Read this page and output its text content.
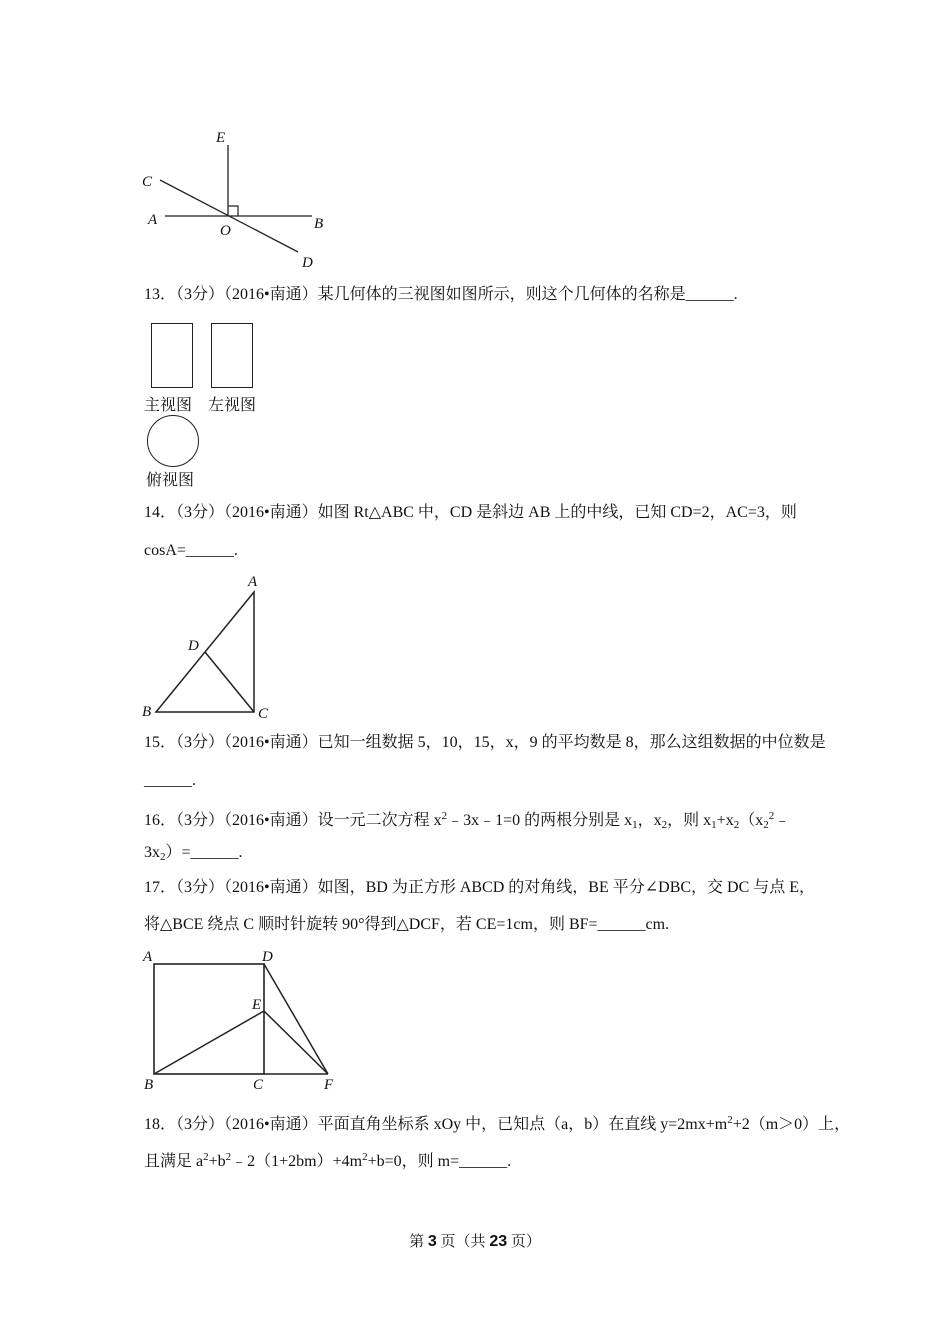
E
C
A
O	B
D
13．（3分）（2016•南通）某几何体的三视图如图所示，则这个几何体的名称是______.
主视图 左视图
俯视图
14．（3分）（2016•南通）如图 Rt△ABC 中，CD 是斜边 AB 上的中线，已知 CD=2，AC=3，则
cosA=______.
A
D
B	C
15．（3分）（2016•南通）已知一组数据 5，10，15，x，9 的平均数是 8，那么这组数据的中位数是
______.
16．（3分）（2016•南通）设一元二次方程 $x^2﹣3x﹣1=0$ 的两根分别是 $x_1$，$x_2$，则 $x_1+x_2(x_2^2﹣$
$3x_2)=\_\_\_\_\_\_$.
17．（3分）（2016•南通）如图，BD 为正方形 ABCD 的对角线，BE 平分∠DBC，交 DC 与点 E，
将△BCE 绕点 C 顺时针旋转 90°得到△DCF，若 CE=1cm，则 BF=______cm.
A	D
E
B	C	F
18．（3分）（2016•南通）平面直角坐标系 xOy 中，已知点（a，b）在直线 $y=2mx+m^2+2(m>0)$上，
且满足 $a^2+b^2﹣2(1+2bm)+4m^2+b=0$，则 m=______.
第 3 页（共 23 页）
